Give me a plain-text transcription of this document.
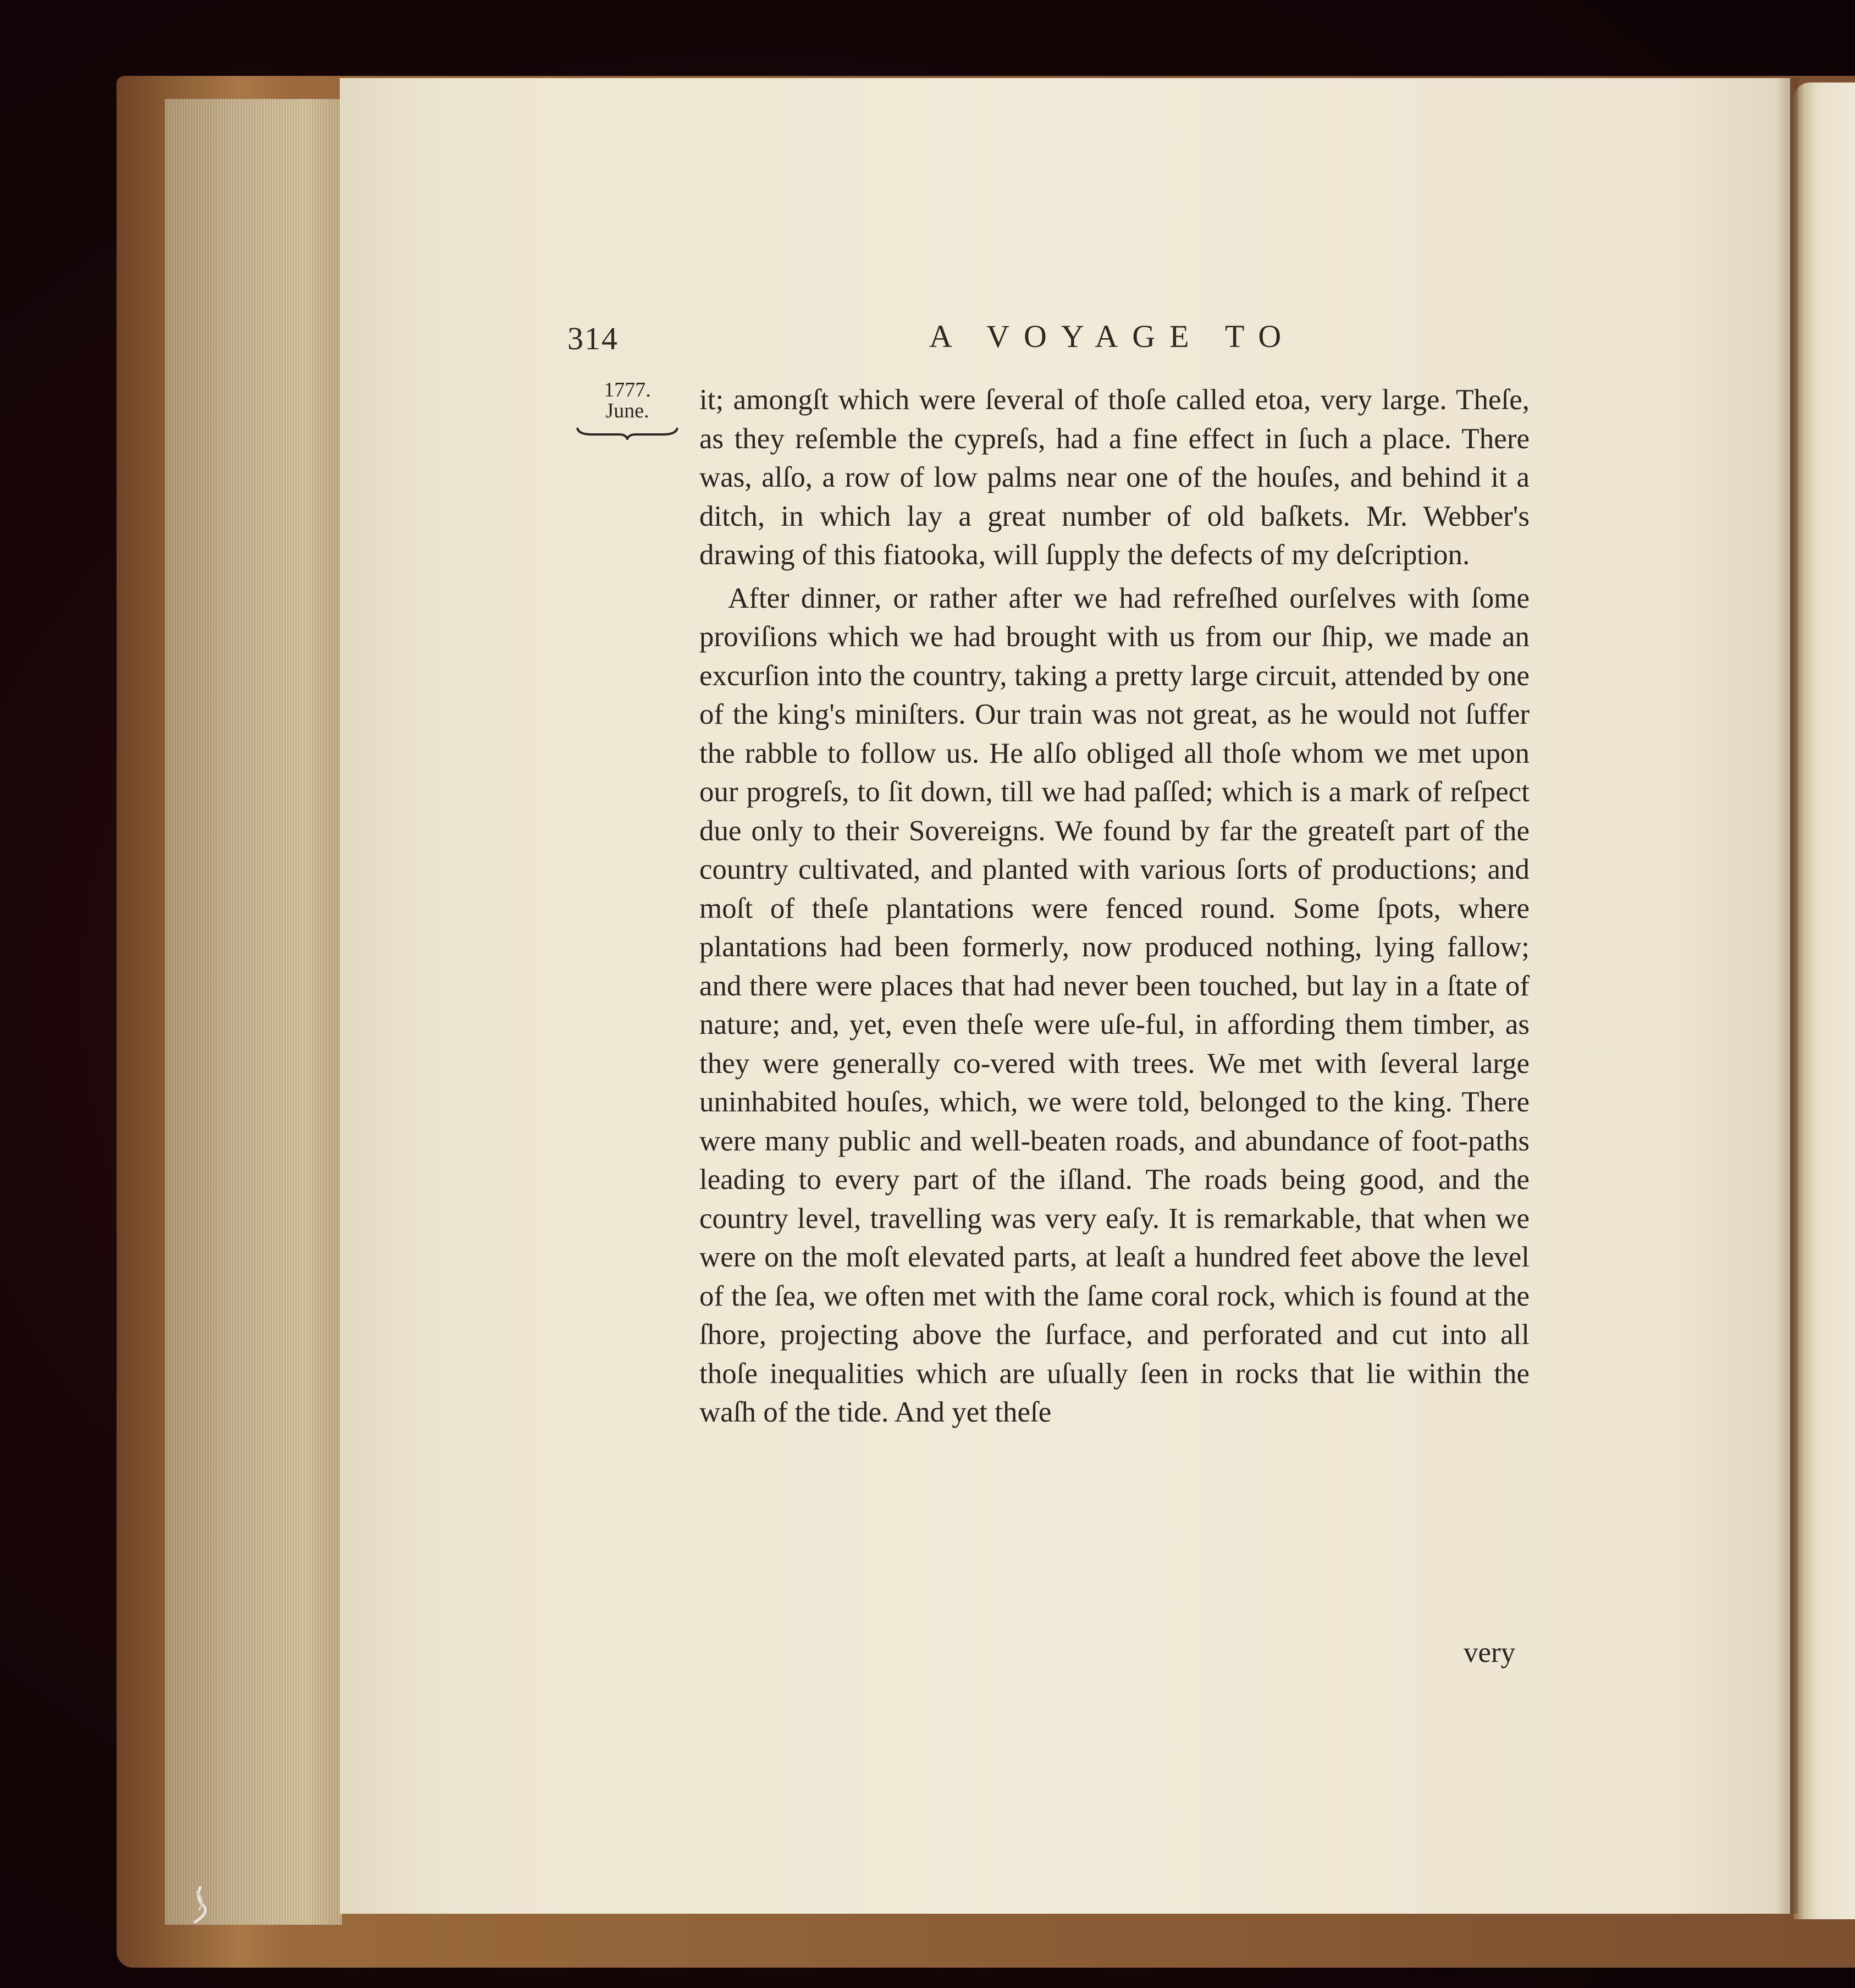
314	A VOYAGE TO
1777.
June.	it; amongſt which were ſeveral of thoſe called etoa, very large. Theſe, as they reſemble the cypreſs, had a fine effect in ſuch a place. There was, alſo, a row of low palms near one of the houſes, and behind it a ditch, in which lay a great number of old baſkets. Mr. Webber's drawing of this fiatooka, will ſupply the defects of my deſcription.

After dinner, or rather after we had refreſhed ourſelves with ſome proviſions which we had brought with us from our ſhip, we made an excurſion into the country, taking a pretty large circuit, attended by one of the king's miniſters. Our train was not great, as he would not ſuffer the rabble to follow us. He alſo obliged all thoſe whom we met upon our progreſs, to ſit down, till we had paſſed; which is a mark of reſpect due only to their Sovereigns. We found by far the greateſt part of the country cultivated, and planted with various ſorts of productions; and moſt of theſe plantations were fenced round. Some ſpots, where plantations had been formerly, now produced nothing, lying fallow; and there were places that had never been touched, but lay in a ſtate of nature; and, yet, even theſe were uſe-ful, in affording them timber, as they were generally co-vered with trees. We met with ſeveral large uninhabited houſes, which, we were told, belonged to the king. There were many public and well-beaten roads, and abundance of foot-paths leading to every part of the iſland. The roads being good, and the country level, travelling was very eaſy. It is remarkable, that when we were on the moſt elevated parts, at leaſt a hundred feet above the level of the ſea, we often met with the ſame coral rock, which is found at the ſhore, projecting above the ſurface, and perforated and cut into all thoſe inequalities which are uſually ſeen in rocks that lie within the waſh of the tide. And yet theſe

very
